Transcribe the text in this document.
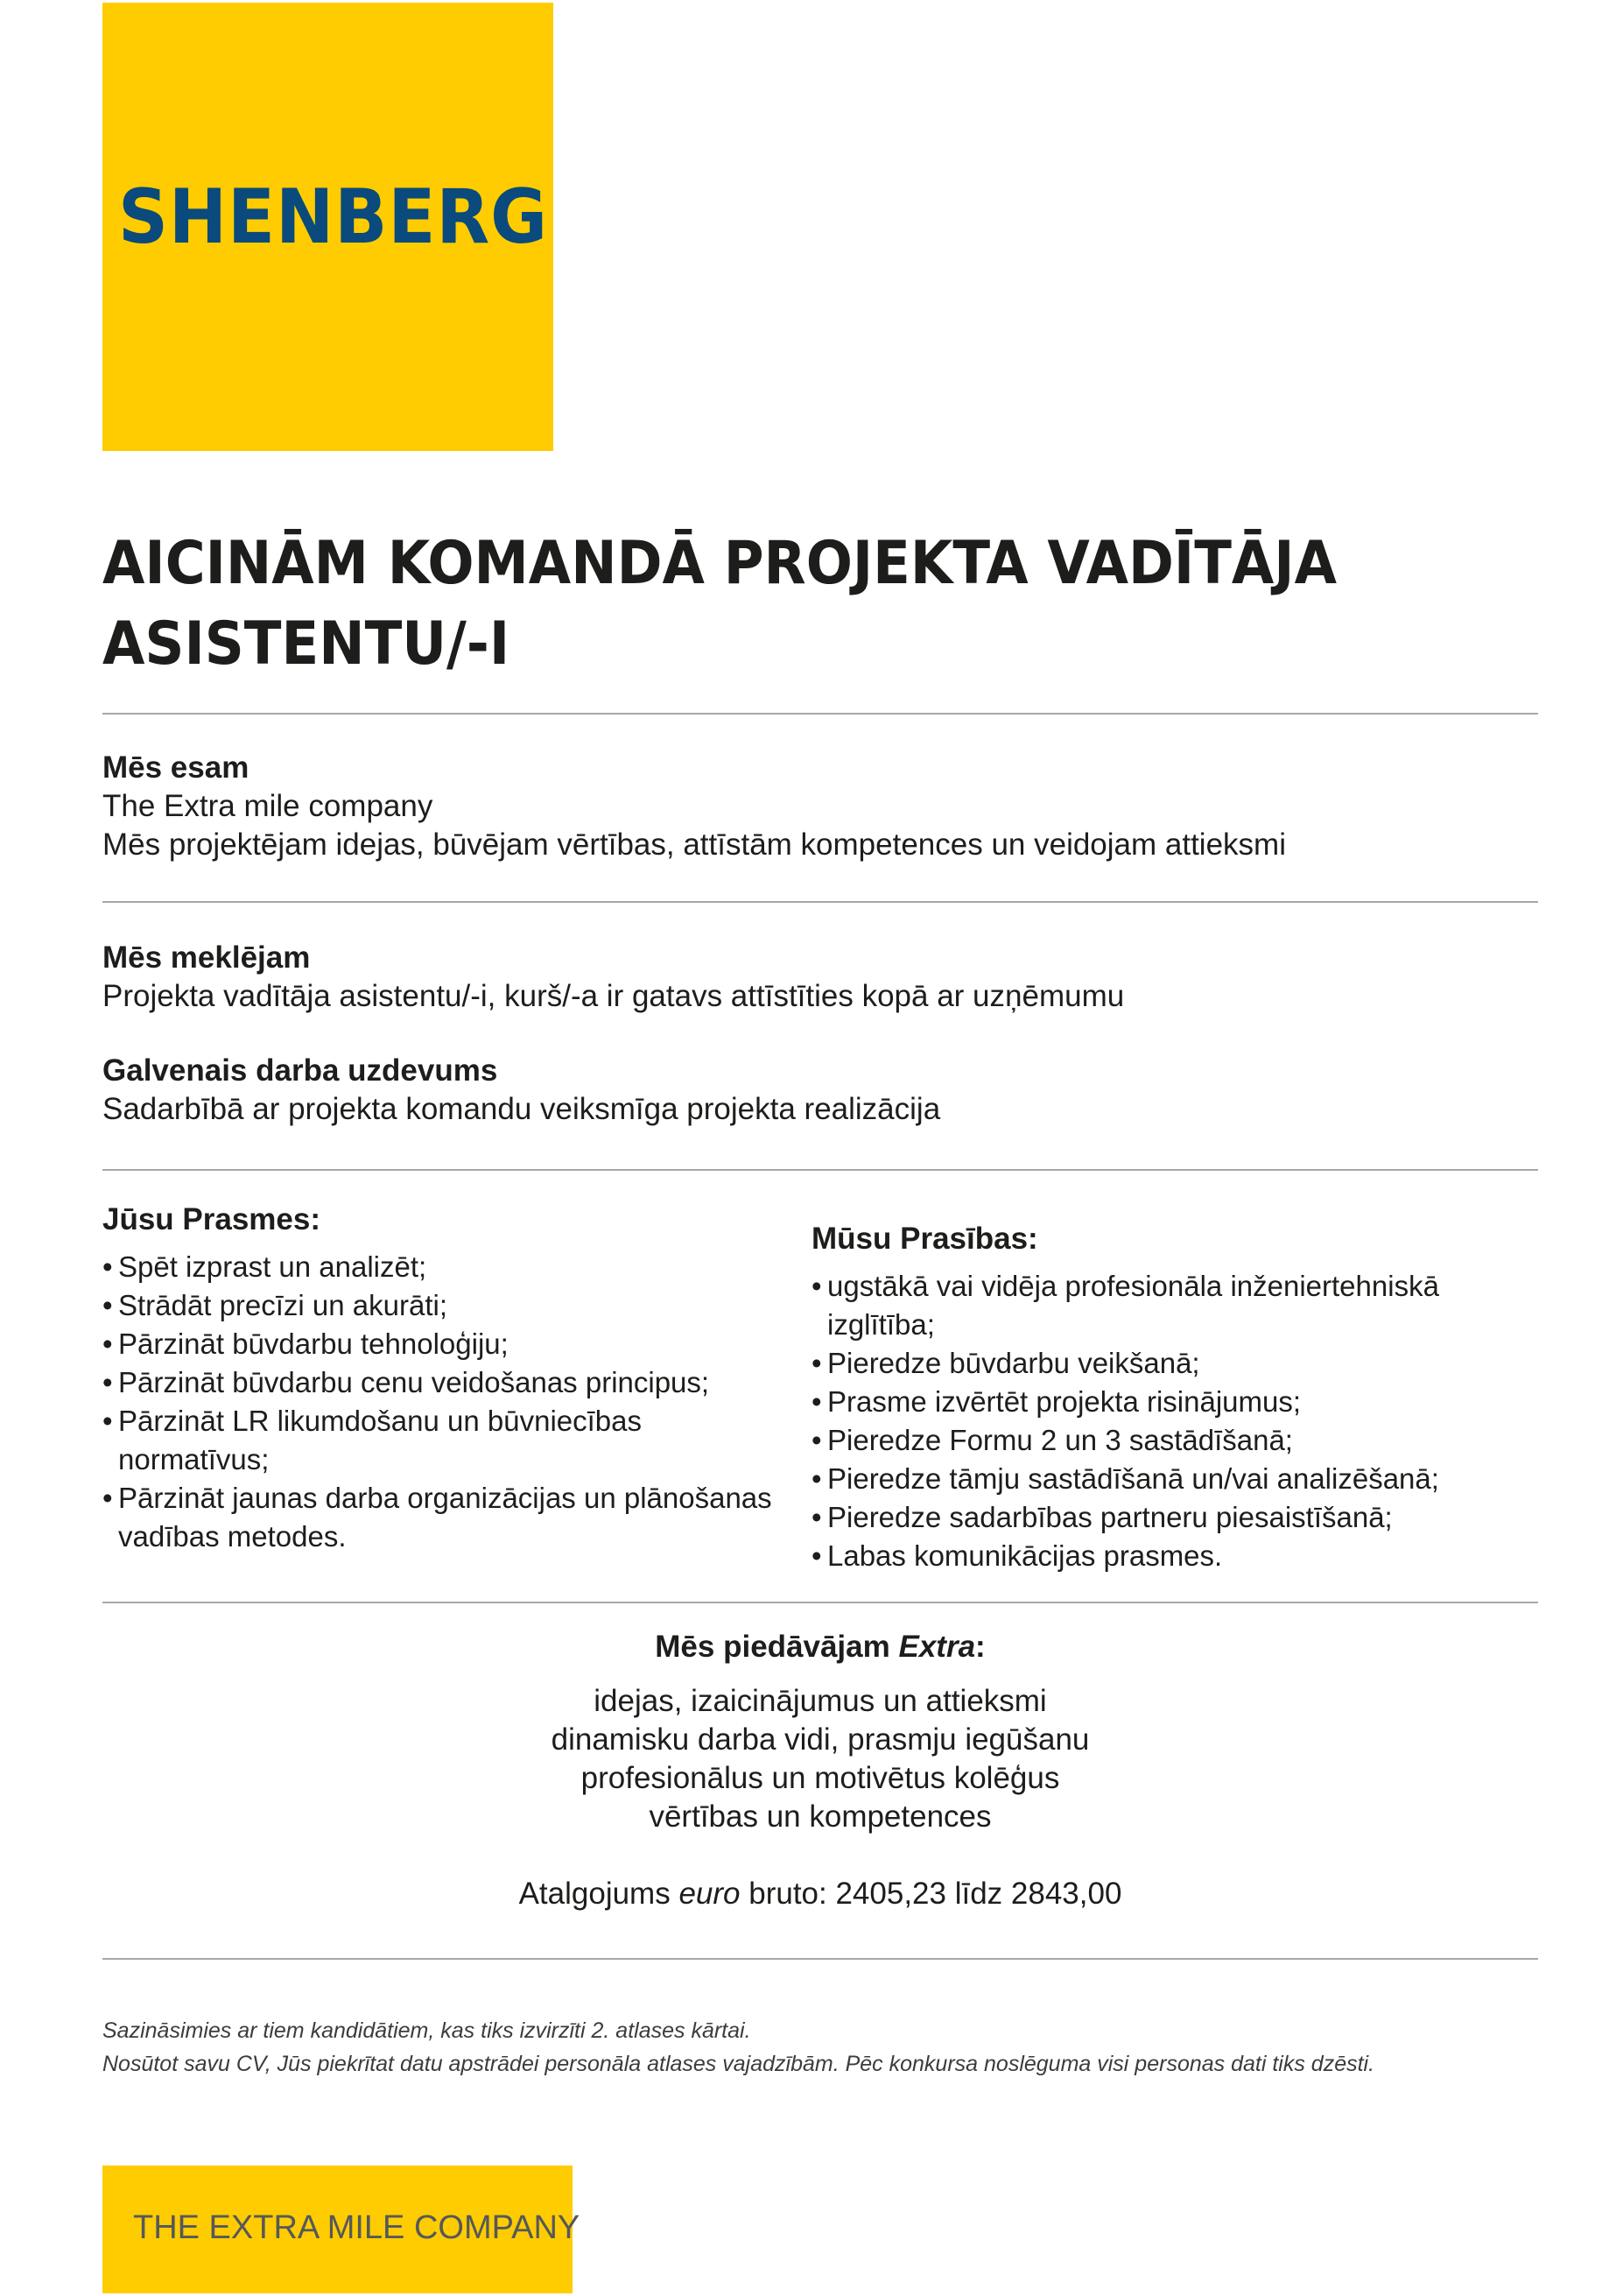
SHENBERG

AICINĀM KOMANDĀ PROJEKTA VADĪTĀJA
ASISTENTU/-I

Mēs esam

The Extra mile company

Mēs projektējam idejas, būvējam vērtības, attīstām kompetences un veidojam attieksmi

Mēs meklējam

Projekta vadītāja asistentu/-i, kurš/-a ir gatavs attīstīties kopā ar uzņēmumu

Galvenais darba uzdevums

Sadarbībā ar projekta komandu veiksmīga projekta realizācija

Jūsu Prasmes:

• Spēt izprast un analizēt;
• Strādāt precīzi un akurāti;
• Pārzināt būvdarbu tehnoloģiju;
• Pārzināt būvdarbu cenu veidošanas principus;
• Pārzināt LR likumdošanu un būvniecības normatīvus;
• Pārzināt jaunas darba organizācijas un plānošanas vadības metodes.

Mūsu Prasības:

• ugstākā vai vidēja profesionāla inženiertehniskā izglītība;
• Pieredze būvdarbu veikšanā;
• Prasme izvērtēt projekta risinājumus;
• Pieredze Formu 2 un 3 sastādīšanā;
• Pieredze tāmju sastādīšanā un/vai analizēšanā;
• Pieredze sadarbības partneru piesaistīšanā;
• Labas komunikācijas prasmes.

Mēs piedāvājam Extra:

idejas, izaicinājumus un attieksmi

dinamisku darba vidi, prasmju iegūšanu

profesionālus un motivētus kolēģus

vērtības un kompetences

Atalgojums euro bruto: 2405,23 līdz 2843,00

Sazināsimies ar tiem kandidātiem, kas tiks izvirzīti 2. atlases kārtai.

Nosūtot savu CV, Jūs piekrītat datu apstrādei personāla atlases vajadzībām. Pēc konkursa noslēguma visi personas dati tiks dzēsti.

THE EXTRA MILE COMPANY
